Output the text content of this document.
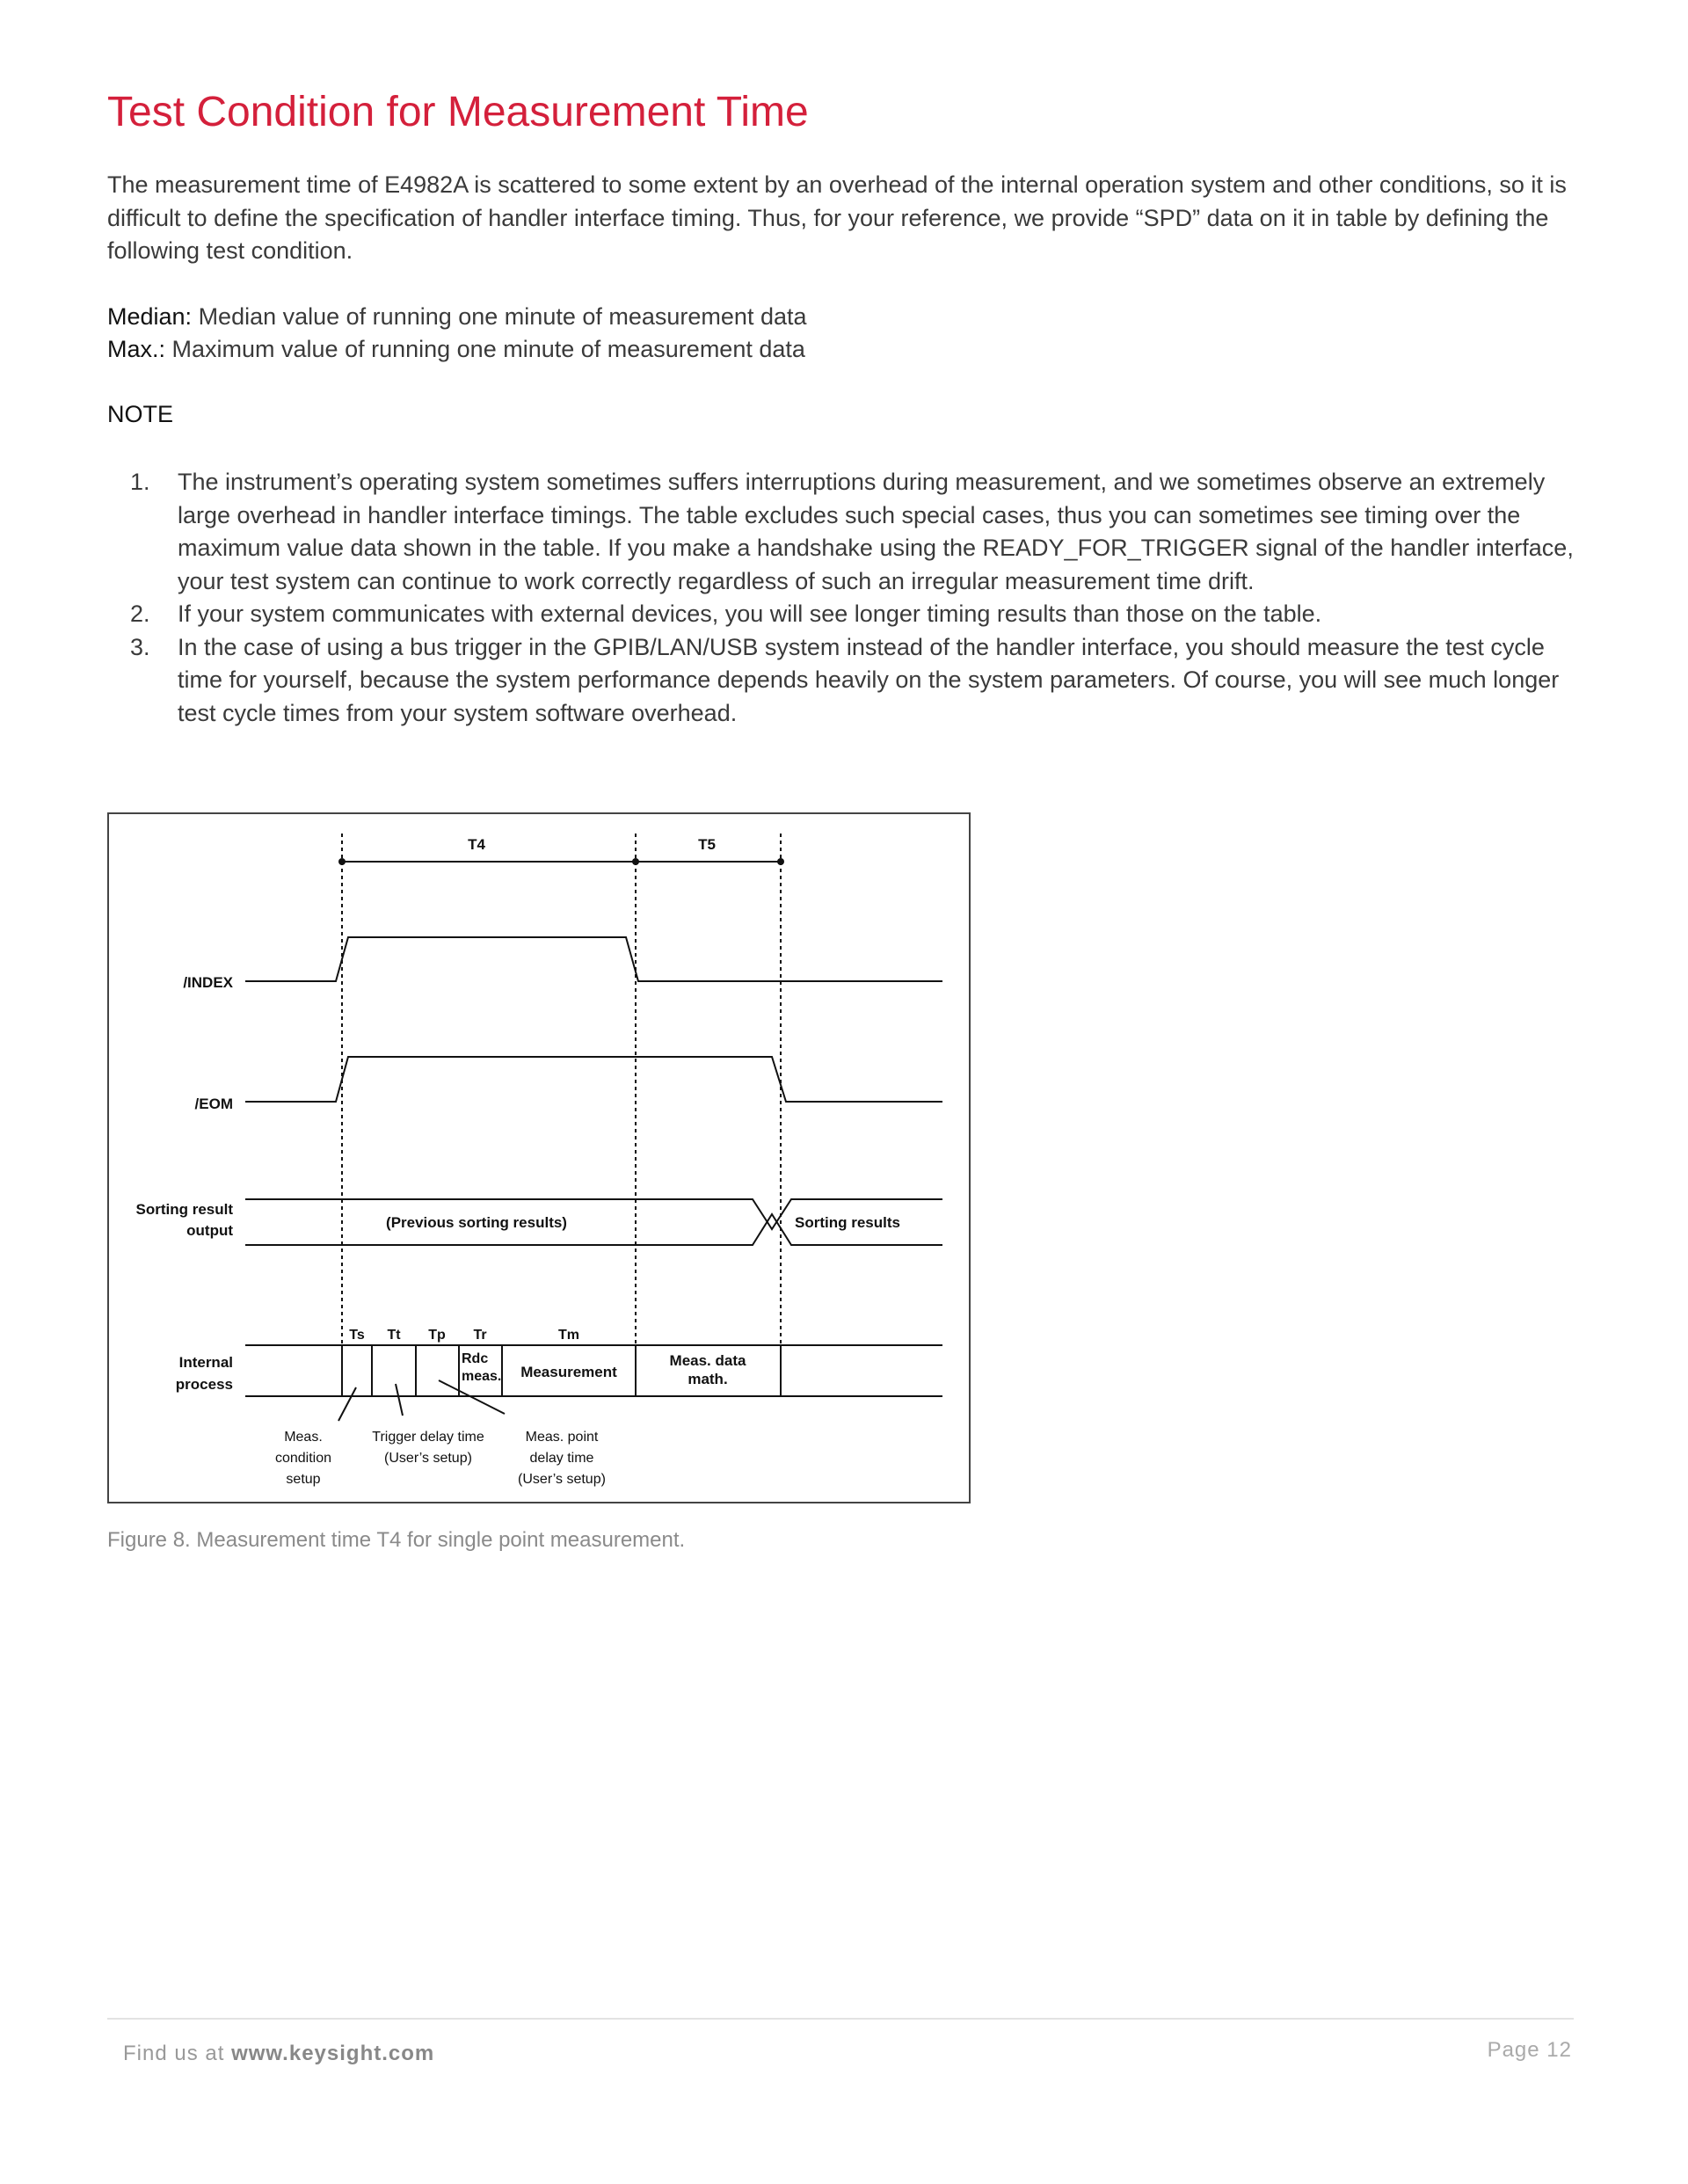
Test Condition for Measurement Time

The measurement time of E4982A is scattered to some extent by an overhead of the internal operation system and other conditions, so it is difficult to define the specification of handler interface timing. Thus, for your reference, we provide “SPD” data on it in table by defining the following test condition.

Median: Median value of running one minute of measurement data

Max.: Maximum value of running one minute of measurement data

NOTE

1. The instrument’s operating system sometimes suffers interruptions during measurement, and we sometimes observe an extremely large overhead in handler interface timings. The table excludes such special cases, thus you can sometimes see timing over the maximum value data shown in the table. If you make a handshake using the READY_FOR_TRIGGER signal of the handler interface, your test system can continue to work correctly regardless of such an irregular measurement time drift.
2. If your system communicates with external devices, you will see longer timing results than those on the table.
3. In the case of using a bus trigger in the GPIB/LAN/USB system instead of the handler interface, you should measure the test cycle time for yourself, because the system performance depends heavily on the system parameters. Of course, you will see much longer test cycle times from your system software overhead.
T4	T5
/INDEX
/EOM
Sorting result
output	(Previous sorting results)	Sorting results
Internal
process
Ts Tt Tp Tr	Tm
Rdc
meas. Measurement
Meas. data
math.
Meas.
condition
setup
Trigger delay time
(User’s setup)
Meas. point
delay time
(User’s setup)

Figure 8. Measurement time T4 for single point measurement.

Find us at www.keysight.com	Page 12
